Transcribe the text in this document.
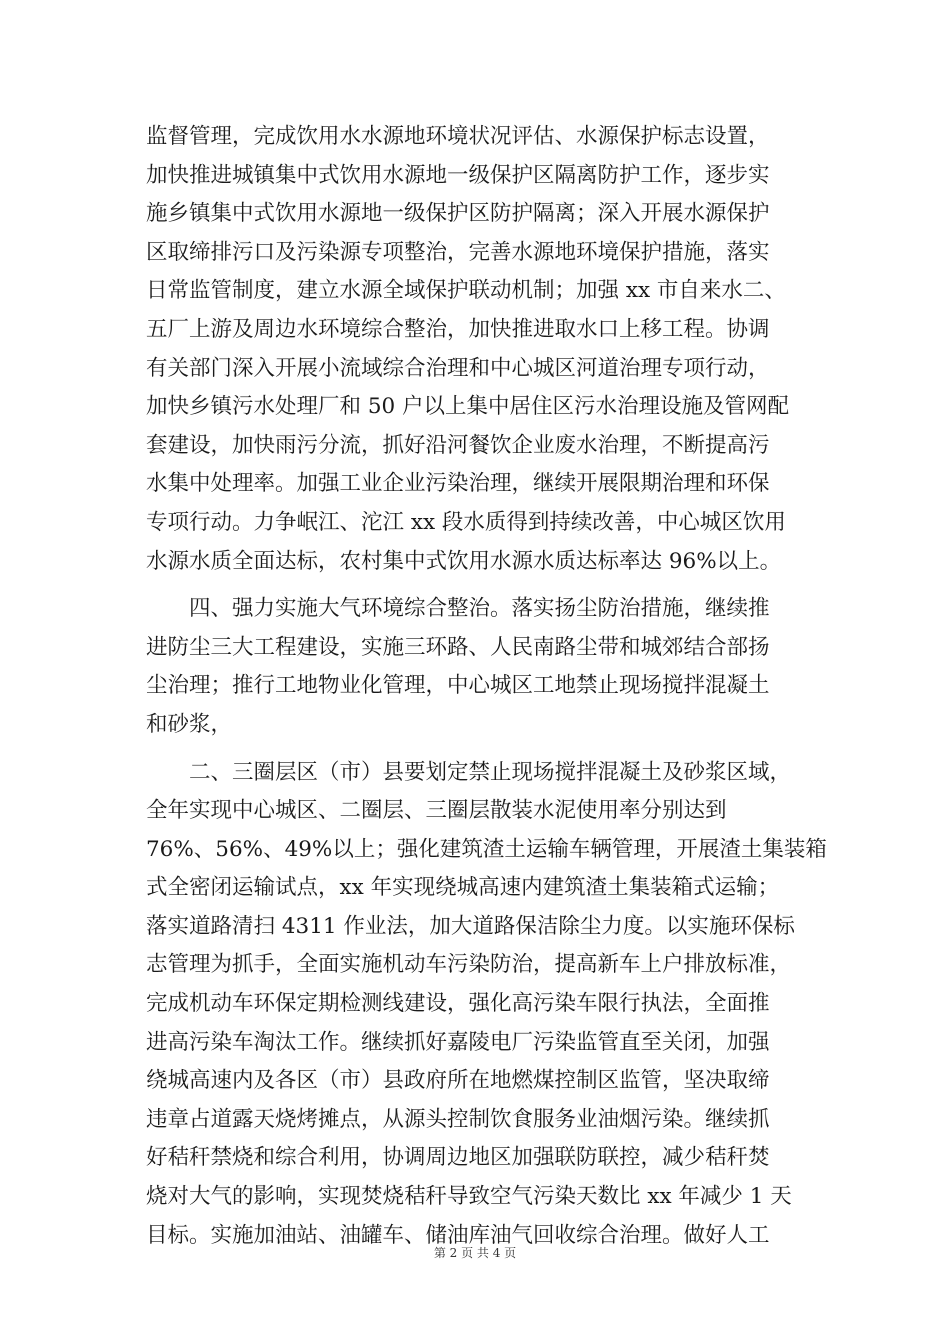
监督管理，完成饮用水水源地环境状况评估、水源保护标志设置，
加快推进城镇集中式饮用水源地一级保护区隔离防护工作，逐步实
施乡镇集中式饮用水源地一级保护区防护隔离；深入开展水源保护
区取缔排污口及污染源专项整治，完善水源地环境保护措施，落实
日常监管制度，建立水源全域保护联动机制；加强 xx 市自来水二、
五厂上游及周边水环境综合整治，加快推进取水口上移工程。协调
有关部门深入开展小流域综合治理和中心城区河道治理专项行动，
加快乡镇污水处理厂和 50 户以上集中居住区污水治理设施及管网配
套建设，加快雨污分流，抓好沿河餐饮企业废水治理，不断提高污
水集中处理率。加强工业企业污染治理，继续开展限期治理和环保
专项行动。力争岷江、沱江 xx 段水质得到持续改善，中心城区饮用
水源水质全面达标，农村集中式饮用水源水质达标率达 96%以上。
四、强力实施大气环境综合整治。落实扬尘防治措施，继续推
进防尘三大工程建设，实施三环路、人民南路尘带和城郊结合部扬
尘治理；推行工地物业化管理，中心城区工地禁止现场搅拌混凝土
和砂浆，
二、三圈层区（市）县要划定禁止现场搅拌混凝土及砂浆区域，
全年实现中心城区、二圈层、三圈层散装水泥使用率分别达到
76%、56%、49%以上；强化建筑渣土运输车辆管理，开展渣土集装箱
式全密闭运输试点，xx 年实现绕城高速内建筑渣土集装箱式运输；
落实道路清扫 4311 作业法，加大道路保洁除尘力度。以实施环保标
志管理为抓手，全面实施机动车污染防治，提高新车上户排放标准，
完成机动车环保定期检测线建设，强化高污染车限行执法，全面推
进高污染车淘汰工作。继续抓好嘉陵电厂污染监管直至关闭，加强
绕城高速内及各区（市）县政府所在地燃煤控制区监管，坚决取缔
违章占道露天烧烤摊点，从源头控制饮食服务业油烟污染。继续抓
好秸秆禁烧和综合利用，协调周边地区加强联防联控，减少秸秆焚
烧对大气的影响，实现焚烧秸秆导致空气污染天数比 xx 年减少 1 天
目标。实施加油站、油罐车、储油库油气回收综合治理。做好人工
第 2 页 共 4 页
